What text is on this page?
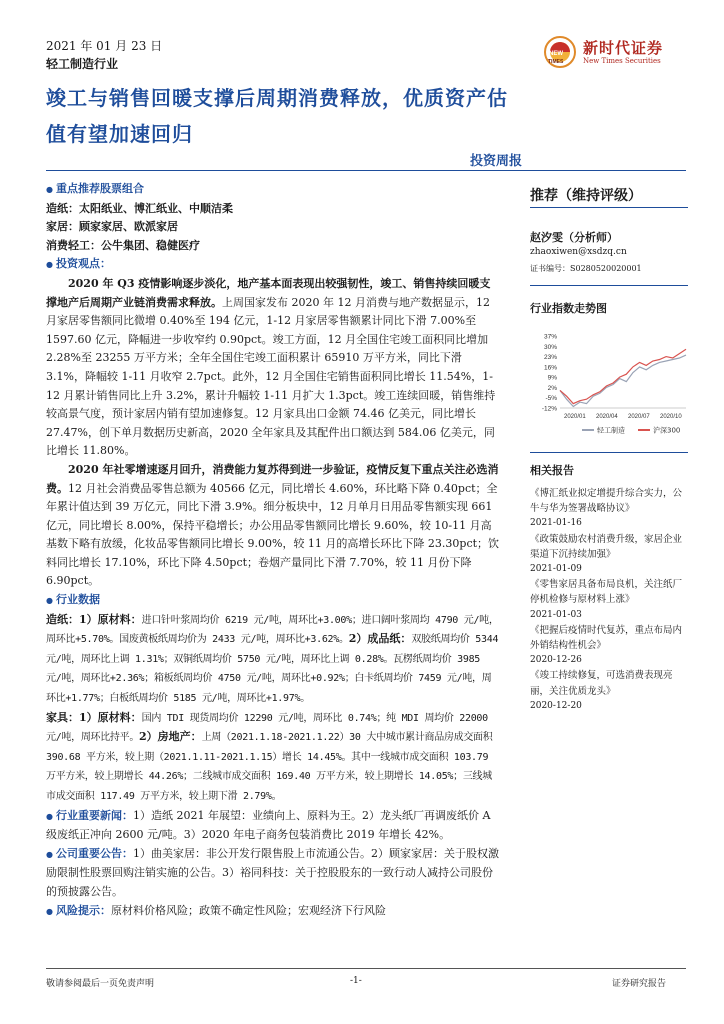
2021 年 01 月 23 日
轻工制造行业
NEW
TIMES
新时代证券
New Times Securities
竣工与销售回暖支撑后周期消费释放，优质资产估
值有望加速回归
投资周报

● 重点推荐股票组合

造纸：太阳纸业、博汇纸业、中顺洁柔

家居：顾家家居、欧派家居

消费轻工：公牛集团、稳健医疗

● 投资观点：

2020 年 Q3 疫情影响逐步淡化，地产基本面表现出较强韧性，竣工、销售持续回暖支撑地产后周期产业链消费需求释放。上周国家发布 2020 年 12 月消费与地产数据显示，12 月家居零售额同比微增 0.40%至 194 亿元，1-12 月家居零售额累计同比下滑 7.00%至 1597.60 亿元，降幅进一步收窄约 0.90pct。竣工方面，12 月全国住宅竣工面积同比增加 2.28%至 23255 万平方米；全年全国住宅竣工面积累计 65910 万平方米，同比下滑 3.1%，降幅较 1-11 月收窄 2.7pct。此外，12 月全国住宅销售面积同比增长 11.54%，1-12 月累计销售同比上升 3.2%，累计升幅较 1-11 月扩大 1.3pct。竣工连续回暖，销售维持较高景气度，预计家居内销有望加速修复。12 月家具出口金额 74.46 亿美元，同比增长 27.47%，创下单月数据历史新高，2020 全年家具及其配件出口额达到 584.06 亿美元，同比增长 11.80%。

2020 年社零增速逐月回升，消费能力复苏得到进一步验证，疫情反复下重点关注必选消费。12 月社会消费品零售总额为 40566 亿元，同比增长 4.60%，环比略下降 0.40pct；全年累计值达到 39 万亿元，同比下滑 3.9%。细分板块中，12 月单月日用品零售额实现 661 亿元，同比增长 8.00%，保持平稳增长；办公用品零售额同比增长 9.60%，较 10-11 月高基数下略有放缓，化妆品零售额同比增长 9.00%，较 11 月的高增长环比下降 23.30pct；饮料同比增长 17.10%，环比下降 4.50pct；卷烟产量同比下滑 7.70%，较 11 月份下降 6.90pct。

● 行业数据

造纸：1）原材料：进口针叶浆周均价 6219 元/吨，周环比+3.00%；进口阔叶浆周均 4790 元/吨，周环比+5.70%。国废黄板纸周均价为 2433 元/吨，周环比+3.62%。2）成品纸：双胶纸周均价 5344 元/吨，周环比上调 1.31%；双铜纸周均价 5750 元/吨，周环比上调 0.28%。瓦楞纸周均价 3985 元/吨，周环比+2.36%；箱板纸周均价 4750 元/吨，周环比+0.92%；白卡纸周均价 7459 元/吨，周环比+1.77%；白板纸周均价 5185 元/吨，周环比+1.97%。

家具：1）原材料：国内 TDI 现货周均价 12290 元/吨，周环比 0.74%；纯 MDI 周均价 22000 元/吨，周环比持平。2）房地产：上周（2021.1.18-2021.1.22）30 大中城市累计商品房成交面积 390.68 平方米，较上期（2021.1.11-2021.1.15）增长 14.45%。其中一线城市成交面积 103.79 万平方米，较上期增长 44.26%；二线城市成交面积 169.40 万平方米，较上期增长 14.05%；三线城市成交面积 117.49 万平方米，较上期下滑 2.79%。

● 行业重要新闻：1）造纸 2021 年展望：业绩向上、原料为王。2）龙头纸厂再调废纸价 A 级废纸正冲向 2600 元/吨。3）2020 年电子商务包装消费比 2019 年增长 42%。

● 公司重要公告：1）曲美家居：非公开发行限售股上市流通公告。2）顾家家居：关于股权激励限制性股票回购注销实施的公告。3）裕同科技：关于控股股东的一致行动人减持公司股份的预披露公告。

● 风险提示：原材料价格风险；政策不确定性风险；宏观经济下行风险

推荐（维持评级）
赵汐雯（分析师）
zhaoxiwen@xsdzq.cn
证书编号：S0280520020001
行业指数走势图
37%
30%
23%
16%
9%
2%
-5%
-12%
2020/01 2020/04 2020/07 2020/10
轻工制造	沪深300
相关报告
《博汇纸业拟定增提升综合实力，公牛与华为签署战略协议》
2021-01-16
《政策鼓励农村消费升级，家居企业渠道下沉持续加强》
2021-01-09
《零售家居具备布局良机，关注纸厂停机检修与原材料上涨》
2021-01-03
《把握后疫情时代复苏，重点布局内外销结构性机会》
2020-12-26
《竣工持续修复，可选消费表现亮丽，关注优质龙头》
2020-12-20
敬请参阅最后一页免责声明	-1-	证券研究报告
